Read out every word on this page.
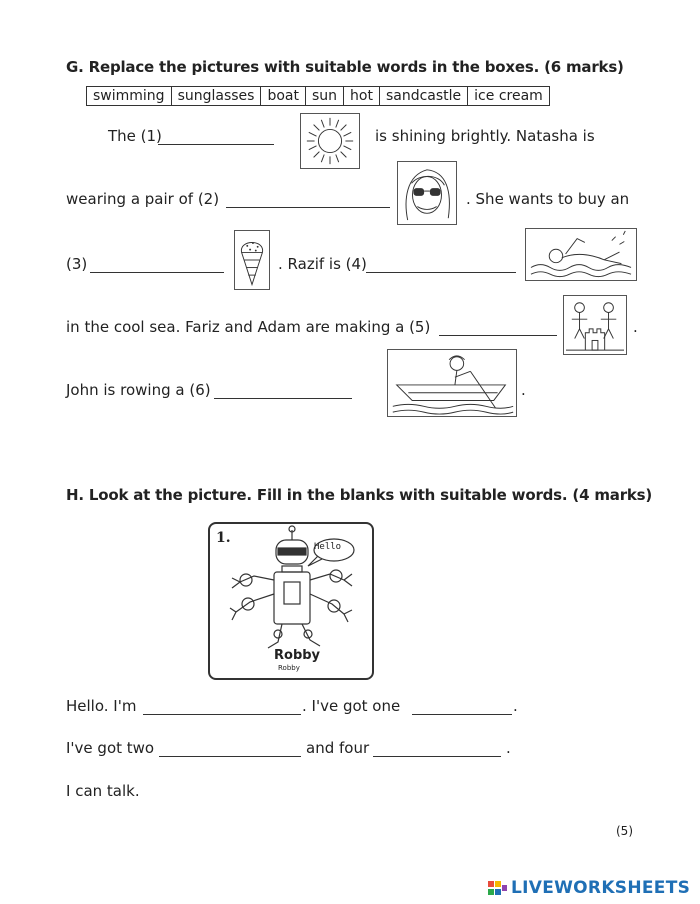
G. Replace the pictures with suitable words in the boxes. (6 marks)
swimming	sunglasses	boat	sun	hot	sandcastle	ice cream
The (1)	is shining brightly. Natasha is
wearing a pair of (2)	. She wants to buy an
(3)	. Razif is (4)
in the cool sea. Fariz and Adam are making a (5)	.
John is rowing a (6)	.
H. Look at the picture. Fill in the blanks with suitable words. (4 marks)
1.
Hello
Robby
Robby
Hello. I'm	. I've got one	.
I've got two	and four	.
I can talk.
(5)
LIVEWORKSHEETS
